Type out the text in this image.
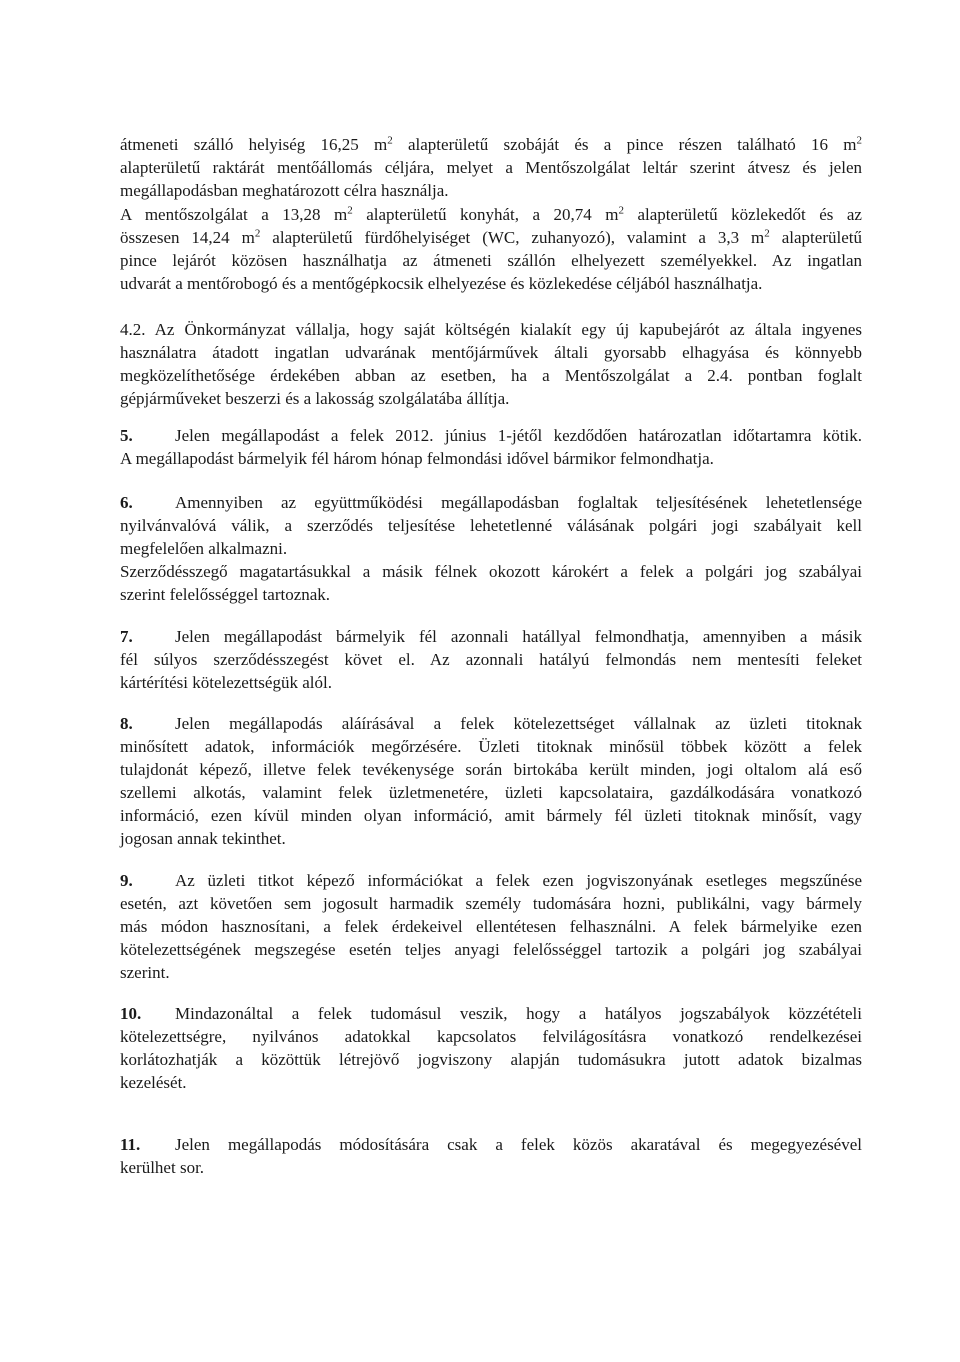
átmeneti szálló helyiség 16,25 $m^2$ alapterületű szobáját és a pince részen található 16 $m^2$
alapterületű raktárát mentőállomás céljára, melyet a Mentőszolgálat leltár szerint átvesz és jelen
megállapodásban meghatározott célra használja.
A mentőszolgálat a 13,28 $m^2$ alapterületű konyhát, a 20,74 $m^2$ alapterületű közlekedőt és az
összesen 14,24 $m^2$ alapterületű fürdőhelyiséget (WC, zuhanyozó), valamint a 3,3 $m^2$ alapterületű
pince lejárót közösen használhatja az átmeneti szállón elhelyezett személyekkel. Az ingatlan
udvarát a mentőrobogó és a mentőgépkocsik elhelyezése és közlekedése céljából használhatja.
4.2. Az Önkormányzat vállalja, hogy saját költségén kialakít egy új kapubejárót az általa ingyenes
használatra átadott ingatlan udvarának mentőjárművek általi gyorsabb elhagyása és könnyebb
megközelíthetősége érdekében abban az esetben, ha a Mentőszolgálat a 2.4. pontban foglalt
gépjárműveket beszerzi és a lakosság szolgálatába állítja.
5. Jelen megállapodást a felek 2012. június 1-jétől kezdődően határozatlan időtartamra kötik.
A megállapodást bármelyik fél három hónap felmondási idővel bármikor felmondhatja.
6. Amennyiben az együttműködési megállapodásban foglaltak teljesítésének lehetetlensége
nyilvánvalóvá válik, a szerződés teljesítése lehetetlenné válásának polgári jogi szabályait kell
megfelelően alkalmazni.
Szerződésszegő magatartásukkal a másik félnek okozott károkért a felek a polgári jog szabályai
szerint felelősséggel tartoznak.
7. Jelen megállapodást bármelyik fél azonnali hatállyal felmondhatja, amennyiben a másik
fél súlyos szerződésszegést követ el. Az azonnali hatályú felmondás nem mentesíti feleket
kártérítési kötelezettségük alól.
8. Jelen megállapodás aláírásával a felek kötelezettséget vállalnak az üzleti titoknak
minősített adatok, információk megőrzésére. Üzleti titoknak minősül többek között a felek
tulajdonát képező, illetve felek tevékenysége során birtokába került minden, jogi oltalom alá eső
szellemi alkotás, valamint felek üzletmenetére, üzleti kapcsolataira, gazdálkodására vonatkozó
információ, ezen kívül minden olyan információ, amit bármely fél üzleti titoknak minősít, vagy
jogosan annak tekinthet.
9. Az üzleti titkot képező információkat a felek ezen jogviszonyának esetleges megszűnése
esetén, azt követően sem jogosult harmadik személy tudomására hozni, publikálni, vagy bármely
más módon hasznosítani, a felek érdekeivel ellentétesen felhasználni. A felek bármelyike ezen
kötelezettségének megszegése esetén teljes anyagi felelősséggel tartozik a polgári jog szabályai
szerint.
10. Mindazonáltal a felek tudomásul veszik, hogy a hatályos jogszabályok közzétételi
kötelezettségre, nyilvános adatokkal kapcsolatos felvilágosításra vonatkozó rendelkezései
korlátozhatják a közöttük létrejövő jogviszony alapján tudomásukra jutott adatok bizalmas
kezelését.
11. Jelen megállapodás módosítására csak a felek közös akaratával és megegyezésével
kerülhet sor.
